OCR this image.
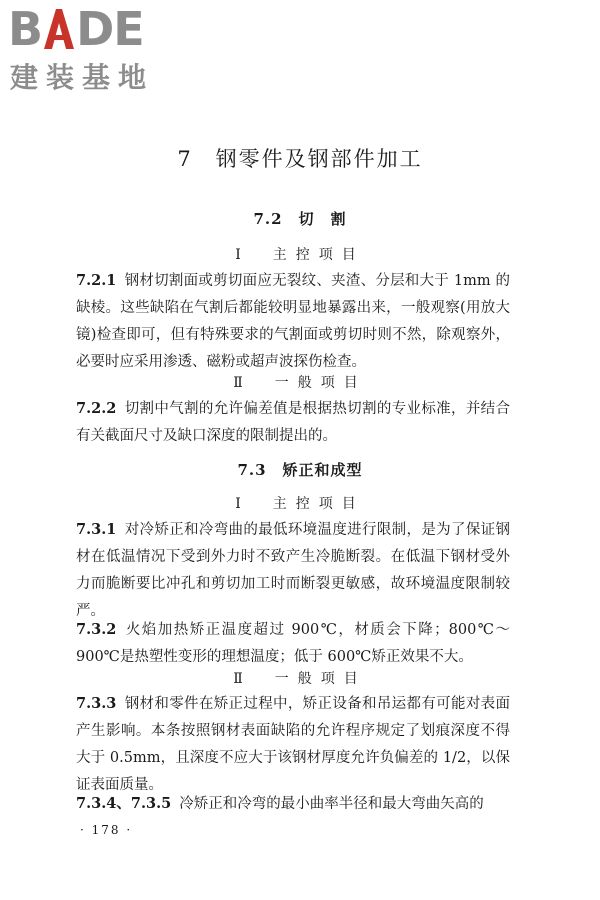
B DE
建装基地
7　钢零件及钢部件加工
7.2　切　割
Ⅰ　主控项目
7.2.1 钢材切割面或剪切面应无裂纹、夹渣、分层和大于 1mm 的缺棱。这些缺陷在气割后都能较明显地暴露出来，一般观察(用放大镜)检查即可，但有特殊要求的气割面或剪切时则不然，除观察外，必要时应采用渗透、磁粉或超声波探伤检查。
Ⅱ　一般项目
7.2.2 切割中气割的允许偏差值是根据热切割的专业标准，并结合有关截面尺寸及缺口深度的限制提出的。
7.3　矫正和成型
Ⅰ　主控项目
7.3.1 对冷矫正和冷弯曲的最低环境温度进行限制，是为了保证钢材在低温情况下受到外力时不致产生冷脆断裂。在低温下钢材受外力而脆断要比冲孔和剪切加工时而断裂更敏感，故环境温度限制较严。
7.3.2 火焰加热矫正温度超过 900℃，材质会下降；800℃～900℃是热塑性变形的理想温度；低于 600℃矫正效果不大。
Ⅱ　一般项目
7.3.3 钢材和零件在矫正过程中，矫正设备和吊运都有可能对表面产生影响。本条按照钢材表面缺陷的允许程序规定了划痕深度不得大于 0.5mm，且深度不应大于该钢材厚度允许负偏差的 1/2，以保证表面质量。
7.3.4、7.3.5 冷矫正和冷弯的最小曲率半径和最大弯曲矢高的
· 178 ·
